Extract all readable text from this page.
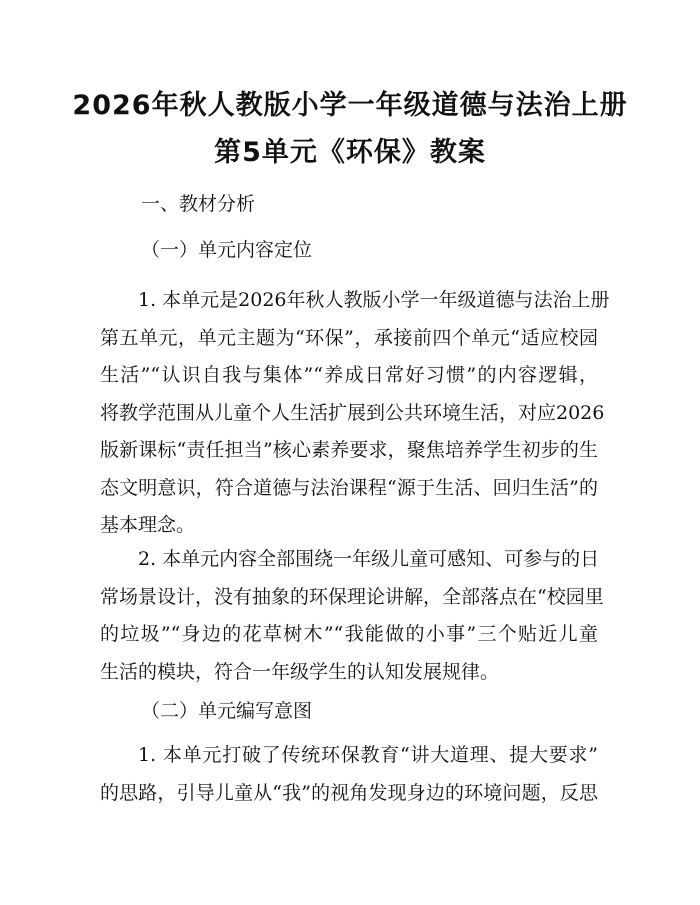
2026年秋人教版小学一年级道德与法治上册
第5单元《环保》教案
一、教材分析
（一）单元内容定位
1. 本单元是2026年秋人教版小学一年级道德与法治上册
第五单元，单元主题为“环保”，承接前四个单元“适应校园
生活”“认识自我与集体”“养成日常好习惯”的内容逻辑，
将教学范围从儿童个人生活扩展到公共环境生活，对应2026
版新课标“责任担当”核心素养要求，聚焦培养学生初步的生
态文明意识，符合道德与法治课程“源于生活、回归生活”的
基本理念。
2. 本单元内容全部围绕一年级儿童可感知、可参与的日
常场景设计，没有抽象的环保理论讲解，全部落点在“校园里
的垃圾”“身边的花草树木”“我能做的小事”三个贴近儿童
生活的模块，符合一年级学生的认知发展规律。
（二）单元编写意图
1. 本单元打破了传统环保教育“讲大道理、提大要求”
的思路，引导儿童从“我”的视角发现身边的环境问题，反思
